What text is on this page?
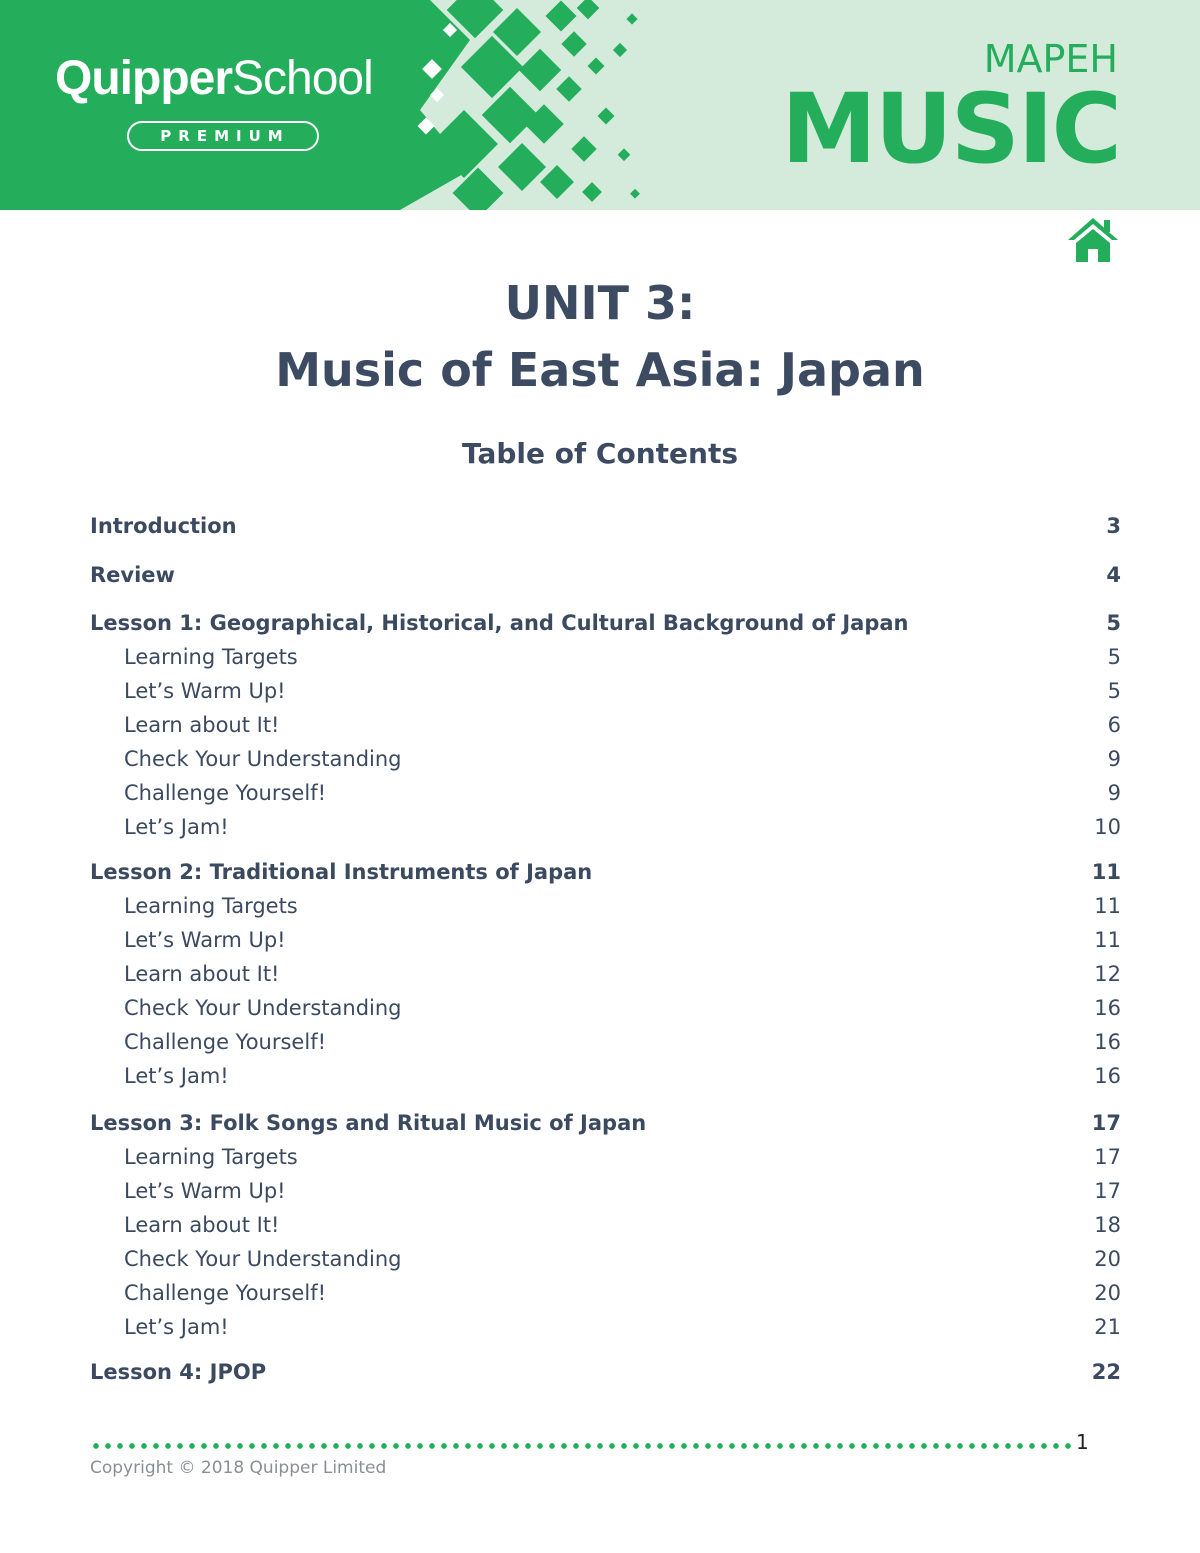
QuipperSchool
PREMIUM
MAPEH
MUSIC
UNIT 3:
Music of East Asia: Japan
Table of Contents
Introduction	3
Review	4
Lesson 1: Geographical, Historical, and Cultural Background of Japan	5
Learning Targets	5
Let’s Warm Up!	5
Learn about It!	6
Check Your Understanding	9
Challenge Yourself!	9
Let’s Jam!	10
Lesson 2: Traditional Instruments of Japan	11
Learning Targets	11
Let’s Warm Up!	11
Learn about It!	12
Check Your Understanding	16
Challenge Yourself!	16
Let’s Jam!	16
Lesson 3: Folk Songs and Ritual Music of Japan	17
Learning Targets	17
Let’s Warm Up!	17
Learn about It!	18
Check Your Understanding	20
Challenge Yourself!	20
Let’s Jam!	21
Lesson 4: JPOP	22
1
Copyright © 2018 Quipper Limited
